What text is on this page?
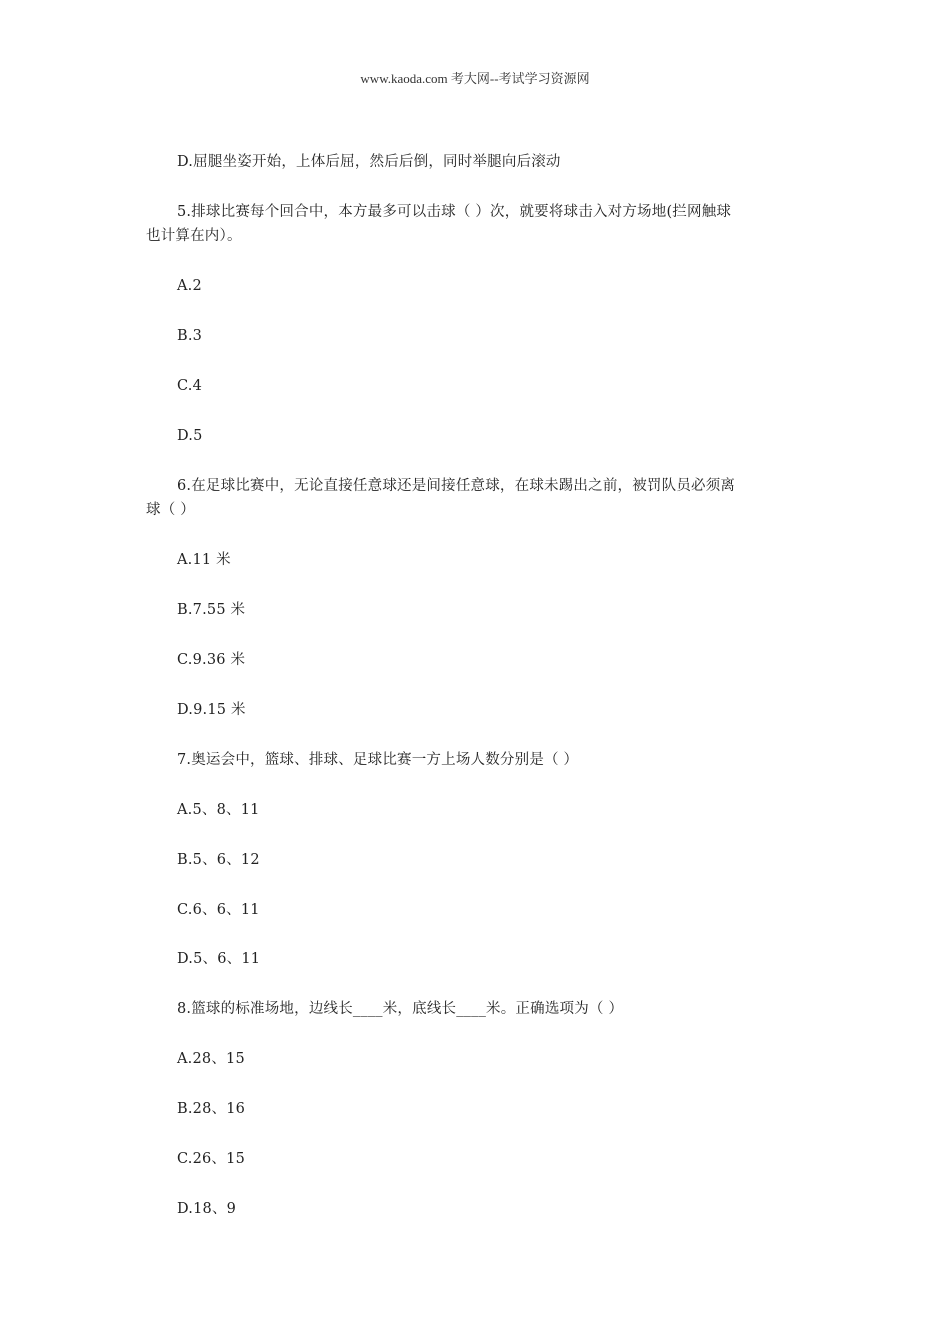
www.kaoda.com 考大网--考试学习资源网
D.屈腿坐姿开始，上体后屈，然后后倒，同时举腿向后滚动
5.排球比赛每个回合中，本方最多可以击球（ ）次，就要将球击入对方场地(拦网触球
也计算在内）。
A.2
B.3
C.4
D.5
6.在足球比赛中，无论直接任意球还是间接任意球，在球未踢出之前，被罚队员必须离
球（ ）
A.11 米
B.7.55 米
C.9.36 米
D.9.15 米
7.奥运会中，篮球、排球、足球比赛一方上场人数分别是（ ）
A.5、8、11
B.5、6、12
C.6、6、11
D.5、6、11
8.篮球的标准场地，边线长____米，底线长____米。正确选项为（ ）
A.28、15
B.28、16
C.26、15
D.18、9
